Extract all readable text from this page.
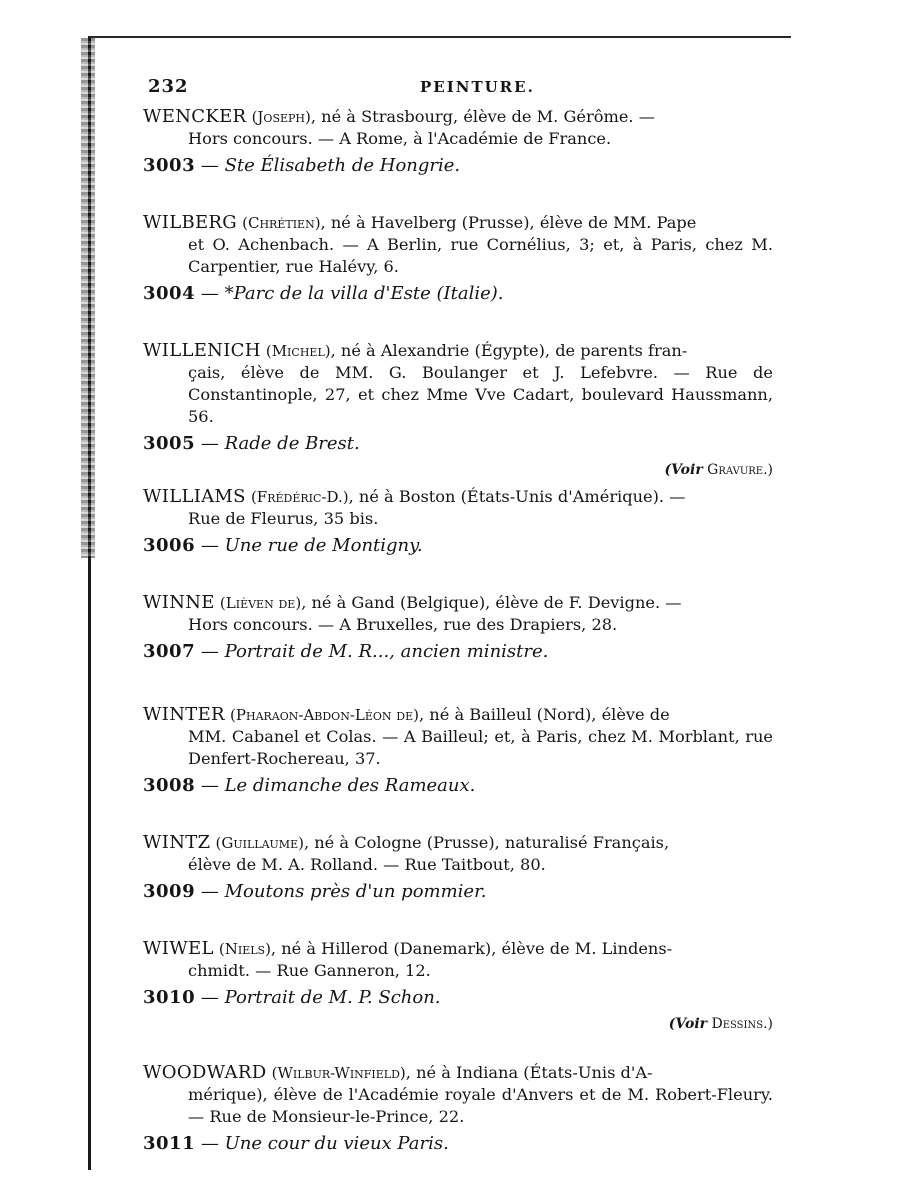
232	PEINTURE.
WENCKER (Joseph), né à Strasbourg, élève de M. Gérôme. —
Hors concours. — A Rome, à l'Académie de France.
3003 — Ste Élisabeth de Hongrie.
WILBERG (Chrétien), né à Havelberg (Prusse), élève de MM. Pape
et O. Achenbach. — A Berlin, rue Cornélius, 3; et, à Paris, chez M. Carpentier, rue Halévy, 6.
3004 — *Parc de la villa d'Este (Italie).
WILLENICH (Michel), né à Alexandrie (Égypte), de parents fran-
çais, élève de MM. G. Boulanger et J. Lefebvre. — Rue de Constantinople, 27, et chez Mme Vve Cadart, boulevard Haussmann, 56.
3005 — Rade de Brest.
(Voir Gravure.)
WILLIAMS (Frédéric-D.), né à Boston (États-Unis d'Amérique). —
Rue de Fleurus, 35 bis.
3006 — Une rue de Montigny.
WINNE (Lièven de), né à Gand (Belgique), élève de F. Devigne. —
Hors concours. — A Bruxelles, rue des Drapiers, 28.
3007 — Portrait de M. R..., ancien ministre.
WINTER (Pharaon-Abdon-Léon de), né à Bailleul (Nord), élève de
MM. Cabanel et Colas. — A Bailleul; et, à Paris, chez M. Morblant, rue Denfert-Rochereau, 37.
3008 — Le dimanche des Rameaux.
WINTZ (Guillaume), né à Cologne (Prusse), naturalisé Français,
élève de M. A. Rolland. — Rue Taitbout, 80.
3009 — Moutons près d'un pommier.
WIWEL (Niels), né à Hillerod (Danemark), élève de M. Lindens-
chmidt. — Rue Ganneron, 12.
3010 — Portrait de M. P. Schon.
(Voir Dessins.)
WOODWARD (Wilbur-Winfield), né à Indiana (États-Unis d'A-
mérique), élève de l'Académie royale d'Anvers et de M. Robert-Fleury. — Rue de Monsieur-le-Prince, 22.
3011 — Une cour du vieux Paris.
